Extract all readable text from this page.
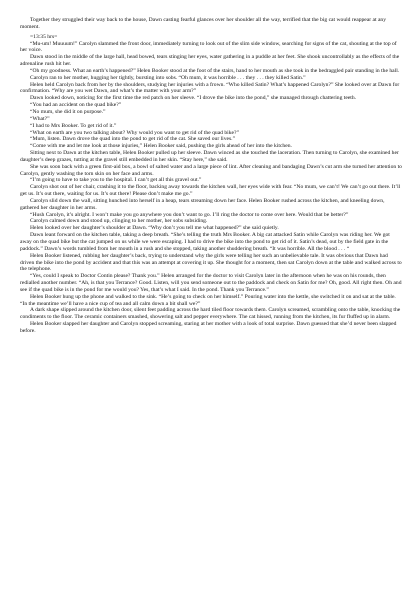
Together they struggled their way back to the house, Dawn casting fearful glances over her shoulder all the way, terrified that the big cat would reappear at any moment.

=13:35 hrs=

“Mu-um! Muuuum!” Carolyn slammed the front door, immediately turning to look out of the slim side window, searching for signs of the cat, shouting at the top of her voice.

Dawn stood in the middle of the large hall, head bowed, tears stinging her eyes, water gathering in a puddle at her feet. She shook uncontrollably as the effects of the adrenaline rush hit her.

“Oh my goodness. What an earth’s happened?” Helen Booker stood at the foot of the stairs, hand to her mouth as she took in the bedraggled pair standing in the hall.

Carolyn ran to her mother, hugging her tightly, bursting into sobs. “Oh mum, it was horrible . . . they . . . they killed Satin.”

Helen held Carolyn back from her by the shoulders, studying her injuries with a frown. “Who killed Satin? What’s happened Carolyn?” She looked over at Dawn for confirmation. “Why are you wet Dawn, and what’s the matter with your arm?”

Dawn looked down, noticing for the first time the red patch on her sleeve. “I drove the bike into the pond,” she managed through chattering teeth.

“You had an accident on the quad bike?”

“No mum, she did it on purpose.”

“What?”

“I had to Mrs Booker. To get rid of it.”

“What on earth are you two talking about? Why would you want to get rid of the quad bike?”

“Mum, listen. Dawn drove the quad into the pond to get rid of the cat. She saved our lives.”

“Come with me and let me look at those injuries,” Helen Booker said, pushing the girls ahead of her into the kitchen.

Sitting next to Dawn at the kitchen table, Helen Booker pulled up her sleeve. Dawn winced as she touched the laceration. Then turning to Carolyn, she examined her daughter’s deep grazes, tutting at the gravel still embedded in her skin. “Stay here,” she said.

She was soon back with a green first-aid box, a bowl of salted water and a large piece of lint. After cleaning and bandaging Dawn’s cut arm she turned her attention to Carolyn, gently washing the torn skin on her face and arms.

“I’m going to have to take you to the hospital. I can’t get all this gravel out.”

Carolyn shot out of her chair, crashing it to the floor, backing away towards the kitchen wall, her eyes wide with fear. “No mum, we can’t! We can’t go out there. It’ll get us. It’s out there, waiting for us. It’s out there! Please don’t make me go.”

Carolyn slid down the wall, sitting hunched into herself in a heap, tears streaming down her face. Helen Booker rushed across the kitchen, and kneeling down, gathered her daughter in her arms.

“Hush Carolyn, it’s alright. I won’t make you go anywhere you don’t want to go. I’ll ring the doctor to come over here. Would that be better?”

Carolyn calmed down and stood up, clinging to her mother, her sobs subsiding.

Helen looked over her daughter’s shoulder at Dawn. “Why don’t you tell me what happened?” she said quietly.

Dawn leant forward on the kitchen table, taking a deep breath. “She’s telling the truth Mrs Booker. A big cat attacked Satin while Carolyn was riding her. We got away on the quad bike but the cat jumped on us while we were escaping. I had to drive the bike into the pond to get rid of it. Satin’s dead, out by the field gate in the paddock.” Dawn’s words tumbled from her mouth in a rush and she stopped, taking another shuddering breath. “It was horrible. All the blood . . . “

Helen Booker listened, rubbing her daughter’s back, trying to understand why the girls were telling her such an unbelievable tale. It was obvious that Dawn had driven the bike into the pond by accident and that this was an attempt at covering it up. She thought for a moment, then sat Carolyn down at the table and walked across to the telephone.

“Yes, could I speak to Doctor Contin please? Thank you.” Helen arranged for the doctor to visit Carolyn later in the afternoon when he was on his rounds, then redialled another number. “Ah, is that you Terrance? Good. Listen, will you send someone out to the paddock and check on Satin for me? Oh, good. All right then. Oh and see if the quad bike is in the pond for me would you? Yes, that’s what I said. In the pond. Thank you Terrance.”

Helen Booker hung up the phone and walked to the sink. “He’s going to check on her himself.” Pouring water into the kettle, she switched it on and sat at the table. “In the meantime we’ll have a nice cup of tea and all calm down a bit shall we?”

A dark shape slipped around the kitchen door, silent feet padding across the hard tiled floor towards them. Carolyn screamed, scrambling onto the table, knocking the condiments to the floor. The ceramic containers smashed, showering salt and pepper everywhere. The cat hissed, running from the kitchen, its fur fluffed up in alarm.

Helen Booker slapped her daughter and Carolyn stopped screaming, staring at her mother with a look of total surprise. Dawn guessed that she’d never been slapped before.
